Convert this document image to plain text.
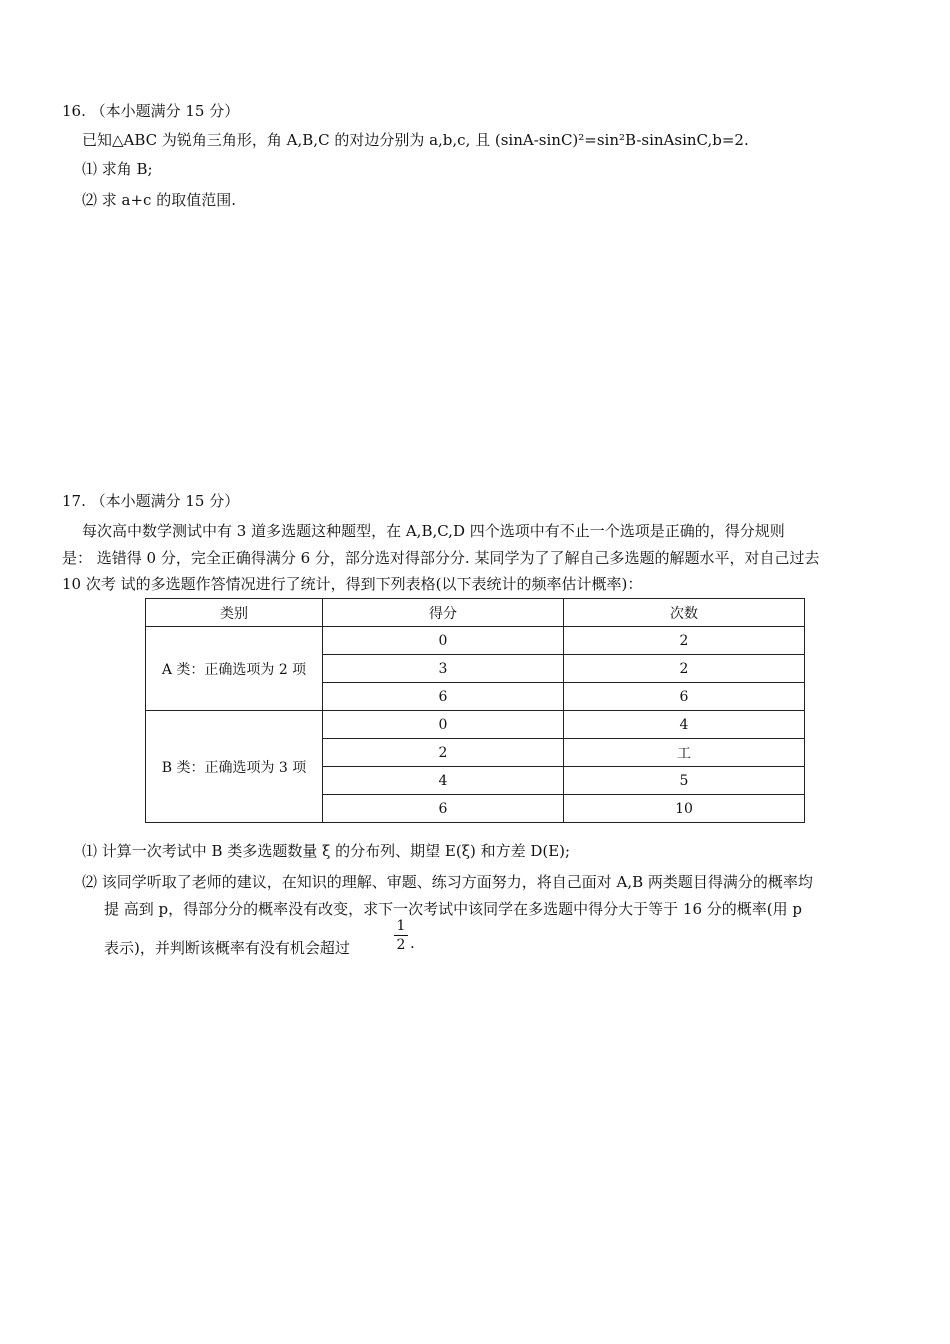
16. （本小题满分 15 分）
已知△ABC 为锐角三角形，角 A,B,C 的对边分别为 a,b,c, 且 (sinA-sinC)²=sin²B-sinAsinC,b=2.
⑴ 求角 B;
⑵ 求 a+c 的取值范围.
17. （本小题满分 15 分）
每次高中数学测试中有 3 道多选题这种题型，在 A,B,C,D 四个选项中有不止一个选项是正确的，得分规则
是： 选错得 0 分，完全正确得满分 6 分，部分选对得部分分. 某同学为了了解自己多选题的解题水平，对自己过去
10 次考 试的多选题作答情况进行了统计，得到下列表格(以下表统计的频率估计概率)：
类别	得分	次数
A 类：正确选项为 2 项	0	2
	3	2
	6	6
B 类：正确选项为 3 项	0	4
	2	工
	4	5
	6	10
⑴ 计算一次考试中 B 类多选题数量 ξ 的分布列、期望 E(ξ) 和方差 D(E);
⑵ 该同学听取了老师的建议，在知识的理解、审题、练习方面努力，将自己面对 A,B 两类题目得满分的概率均
提 高到 p，得部分分的概率没有改变，求下一次考试中该同学在多选题中得分大于等于 16 分的概率(用 p
表示)，并判断该概率有没有机会超过
1
2 .
